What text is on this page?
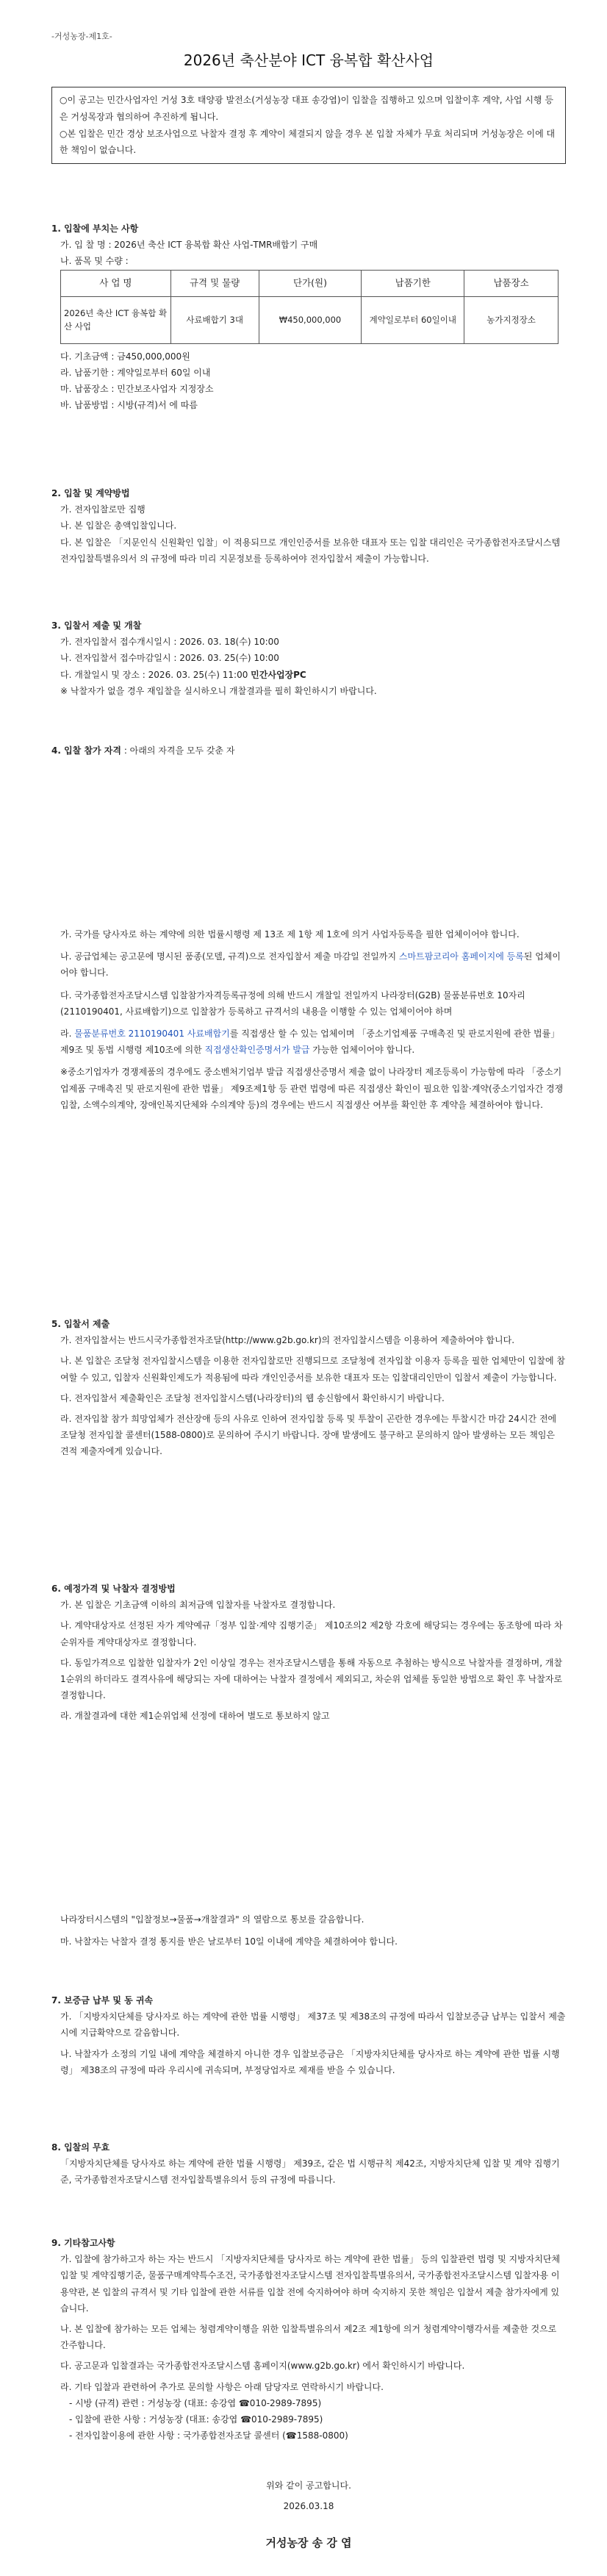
-거성농장-제1호-
2026년 축산분야 ICT 융복합 확산사업
○이 공고는 민간사업자인 거성 3호 태양광 발전소(거성농장 대표 송강엽)이 입찰을 집행하고 있으며 입찰이후 계약, 사업 시행 등은 거성목장과 협의하여 추진하게 됩니다.
○본 입찰은 민간 경상 보조사업으로 낙찰자 결정 후 계약이 체결되지 않을 경우 본 입찰 자체가 무효 처리되며 거성농장은 이에 대한 책임이 없습니다.
1. 입찰에 부치는 사항
가. 입 찰 명 : 2026년 축산 ICT 융복합 확산 사업-TMR배합기 구매
나. 품목 및 수량 :
사 업 명	규격 및 물량	단가(원)	납품기한	납품장소
2026년 축산 ICT 융복합 확산 사업	사료배합기 3대	₩450,000,000	계약일로부터 60일이내	농가지정장소
다. 기초금액 : 금450,000,000원
라. 납품기한 : 계약일로부터 60일 이내
마. 납품장소 : 민간보조사업자 지정장소
바. 납품방법 : 시방(규격)서 에 따름
2. 입찰 및 계약방법
가. 전자입찰로만 집행
나. 본 입찰은 총액입찰입니다.
다. 본 입찰은 「지문인식 신원확인 입찰」이 적용되므로 개인인증서를 보유한 대표자 또는 입찰 대리인은 국가종합전자조달시스템 전자입찰특별유의서 의 규정에 따라 미리 지문정보를 등록하여야 전자입찰서 제출이 가능합니다.
3. 입찰서 제출 및 개찰
가. 전자입찰서 접수개시일시 : 2026. 03. 18(수) 10:00
나. 전자입찰서 접수마감일시 : 2026. 03. 25(수) 10:00
다. 개찰일시 및 장소 : 2026. 03. 25(수) 11:00 민간사업장PC
※ 낙찰자가 없을 경우 재입찰을 실시하오니 개찰결과를 필히 확인하시기 바랍니다.
4. 입찰 참가 자격 : 아래의 자격을 모두 갖춘 자
가. 국가를 당사자로 하는 계약에 의한 법률시행령 제 13조 제 1항 제 1호에 의거 사업자등록을 필한 업체이어야 합니다.
나. 공급업체는 공고문에 명시된 품종(모델, 규격)으로 전자입찰서 제출 마감일 전일까지 스마트팜코리아 홈페이지에 등록된 업체이어야 합니다.
다. 국가종합전자조달시스템 입찰참가자격등록규정에 의해 반드시 개찰일 전일까지 나라장터(G2B) 물품분류번호 10자리(2110190401, 사료배합기)으로 입찰참가 등록하고 규격서의 내용을 이행할 수 있는 업체이어야 하며
라. 물품분류번호 2110190401 사료배합기를 직접생산 할 수 있는 업체이며 「중소기업제품 구매촉진 및 판로지원에 관한 법률」 제9조 및 동법 시행령 제10조에 의한 직접생산확인증명서가 발급 가능한 업체이어야 합니다.
※중소기업자가 경쟁제품의 경우에도 중소벤처기업부 발급 직접생산증명서 제출 없이 나라장터 제조등록이 가능함에 따라 「중소기업제품 구매촉진 및 판로지원에 관한 법률」 제9조제1항 등 관련 법령에 따른 직접생산 확인이 필요한 입찰·계약(중소기업자간 경쟁입찰, 소액수의계약, 장애인복지단체와 수의계약 등)의 경우에는 반드시 직접생산 여부를 확인한 후 계약을 체결하여야 합니다.
5. 입찰서 제출
가. 전자입찰서는 반드시국가종합전자조달(http://www.g2b.go.kr)의 전자입찰시스템을 이용하여 제출하여야 합니다.
나. 본 입찰은 조달청 전자입찰시스템을 이용한 전자입찰로만 진행되므로 조달청에 전자입찰 이용자 등록을 필한 업체만이 입찰에 참여할 수 있고, 입찰자 신원확인제도가 적용됨에 따라 개인인증서를 보유한 대표자 또는 입찰대리인만이 입찰서 제출이 가능합니다.
다. 전자입찰서 제출확인은 조달청 전자입찰시스템(나라장터)의 웹 송신함에서 확인하시기 바랍니다.
라. 전자입찰 참가 희망업체가 전산장애 등의 사유로 인하여 전자입찰 등록 및 투찰이 곤란한 경우에는 투찰시간 마감 24시간 전에 조달청 전자입찰 콜센터(1588-0800)로 문의하여 주시기 바랍니다. 장애 발생에도 불구하고 문의하지 않아 발생하는 모든 책임은 견적 제출자에게 있습니다.
6. 예정가격 및 낙찰자 결정방법
가. 본 입찰은 기초금액 이하의 최저금액 입찰자를 낙찰자로 결정합니다.
나. 계약대상자로 선정된 자가 계약예규「정부 입찰·계약 집행기준」 제10조의2 제2항 각호에 해당되는 경우에는 동조항에 따라 차순위자를 계약대상자로 결정합니다.
다. 동일가격으로 입찰한 입찰자가 2인 이상일 경우는 전자조달시스템을 통해 자동으로 추첨하는 방식으로 낙찰자를 결정하며, 개찰 1순위의 하더라도 결격사유에 해당되는 자에 대하여는 낙찰자 결정에서 제외되고, 차순위 업체를 동일한 방법으로 확인 후 낙찰자로 결정합니다.
라. 개찰결과에 대한 제1순위업체 선정에 대하여 별도로 통보하지 않고
나라장터시스템의 "입찰정보→물품→개찰결과" 의 열람으로 통보를 갈음합니다.
마. 낙찰자는 낙찰자 결정 통지를 받은 날로부터 10일 이내에 계약을 체결하여야 합니다.
7. 보증금 납부 및 동 귀속
가. 「지방자치단체를 당사자로 하는 계약에 관한 법률 시행령」 제37조 및 제38조의 규정에 따라서 입찰보증금 납부는 입찰서 제출 시에 지급확약으로 갈음합니다.
나. 낙찰자가 소정의 기일 내에 계약을 체결하지 아니한 경우 입찰보증금은 「지방자치단체를 당사자로 하는 계약에 관한 법률 시행령」 제38조의 규정에 따라 우리시에 귀속되며, 부정당업자로 제재를 받을 수 있습니다.
8. 입찰의 무효
「지방자치단체를 당사자로 하는 계약에 관한 법률 시행령」 제39조, 같은 법 시행규칙 제42조, 지방자치단체 입찰 및 계약 집행기준, 국가종합전자조달시스템 전자입찰특별유의서 등의 규정에 따릅니다.
9. 기타참고사항
가. 입찰에 참가하고자 하는 자는 반드시 「지방자치단체를 당사자로 하는 계약에 관한 법률」 등의 입찰관련 법령 및 지방자치단체 입찰 및 계약집행기준, 물품구매계약특수조건, 국가종합전자조달시스템 전자입찰특별유의서, 국가종합전자조달시스템 입찰자용 이용약관, 본 입찰의 규격서 및 기타 입찰에 관한 서류를 입찰 전에 숙지하여야 하며 숙지하지 못한 책임은 입찰서 제출 참가자에게 있습니다.
나. 본 입찰에 참가하는 모든 업체는 청렴계약이행을 위한 입찰특별유의서 제2조 제1항에 의거 청렴계약이행각서를 제출한 것으로 간주합니다.
다. 공고문과 입찰결과는 국가종합전자조달시스템 홈페이지(www.g2b.go.kr) 에서 확인하시기 바랍니다.
라. 기타 입찰과 관련하여 추가로 문의할 사항은 아래 담당자로 연락하시기 바랍니다.
- 시방 (규격) 관련 : 거성농장 (대표: 송강엽 ☎010-2989-7895)
- 입찰에 관한 사항 : 거성농장 (대표: 송강엽 ☎010-2989-7895)
- 전자입찰이용에 관한 사항 : 국가종합전자조달 콜센터 (☎1588-0800)
위와 같이 공고합니다.
2026.03.18
거성농장 송 강 엽
